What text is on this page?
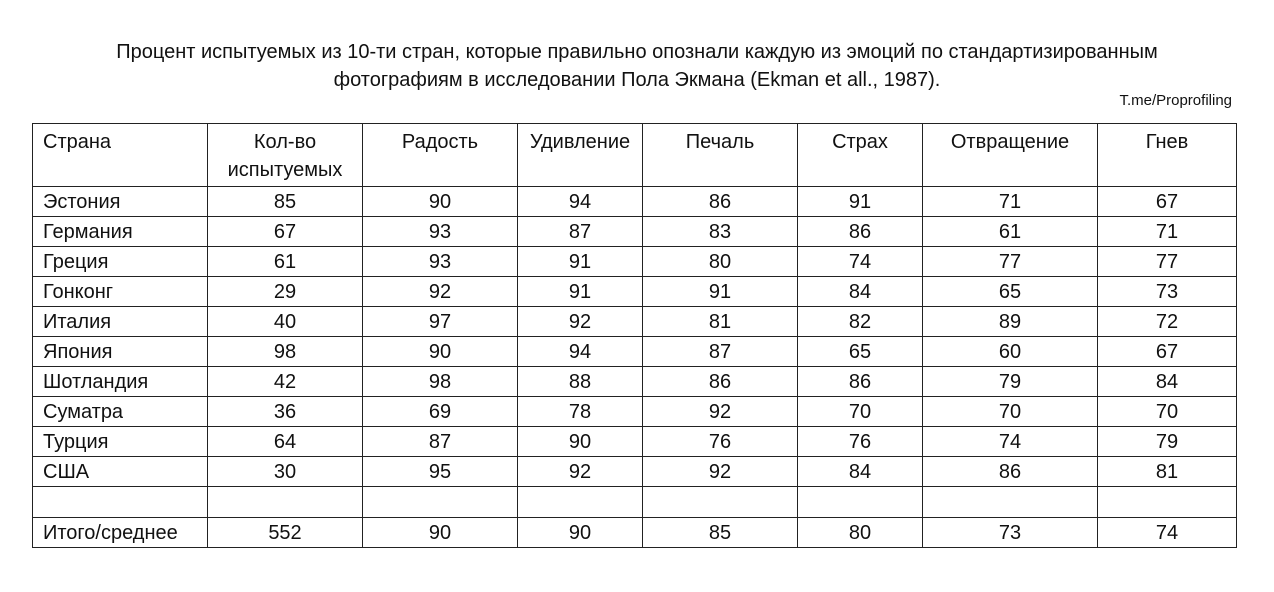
Процент испытуемых из 10-ти стран, которые правильно опознали каждую из эмоций по стандартизированным
фотографиям в исследовании Пола Экмана (Ekman et all., 1987).
T.me/Proprofiling
Страна	Кол-во испытуемых	Радость	Удивление	Печаль	Страх	Отвращение	Гнев
Эстония	85	90	94	86	91	71	67
Германия	67	93	87	83	86	61	71
Греция	61	93	91	80	74	77	77
Гонконг	29	92	91	91	84	65	73
Италия	40	97	92	81	82	89	72
Япония	98	90	94	87	65	60	67
Шотландия	42	98	88	86	86	79	84
Суматра	36	69	78	92	70	70	70
Турция	64	87	90	76	76	74	79
США	30	95	92	92	84	86	81

Итого/среднее	552	90	90	85	80	73	74
